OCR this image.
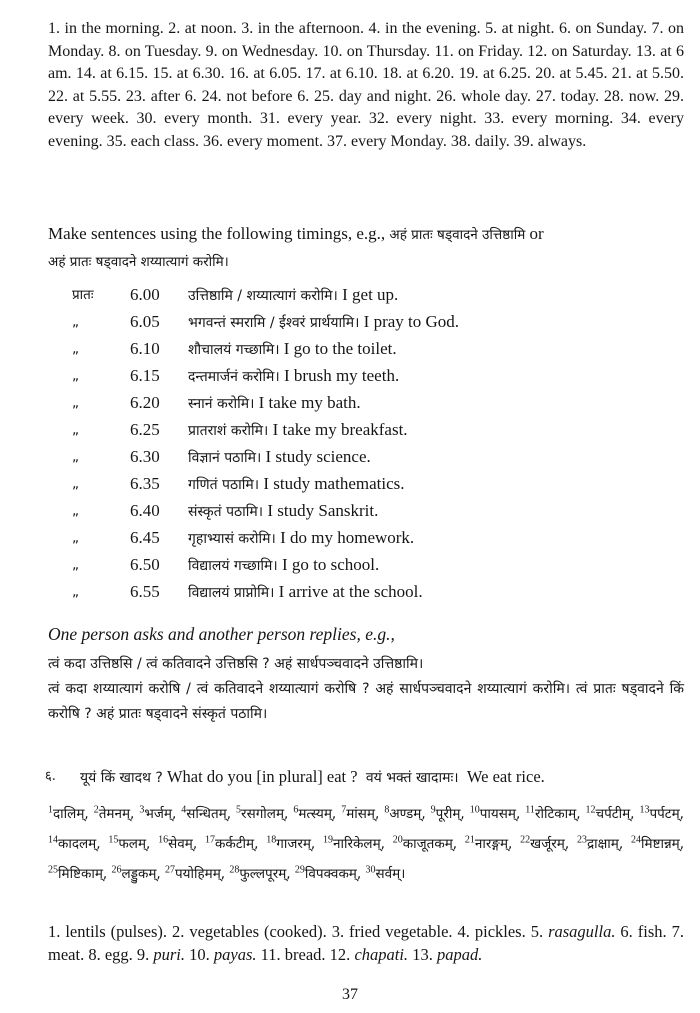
1. in the morning. 2. at noon. 3. in the afternoon. 4. in the evening. 5. at night. 6. on Sunday. 7. on Monday. 8. on Tuesday. 9. on Wednesday. 10. on Thursday. 11. on Friday. 12. on Saturday. 13. at 6 am. 14. at 6.15. 15. at 6.30. 16. at 6.05. 17. at 6.10. 18. at 6.20. 19. at 6.25. 20. at 5.45. 21. at 5.50. 22. at 5.55. 23. after 6. 24. not before 6. 25. day and night. 26. whole day. 27. today. 28. now. 29. every week. 30. every month. 31. every year. 32. every night. 33. every morning. 34. every evening. 35. each class. 36. every moment. 37. every Monday. 38. daily. 39. always.

Make sentences using the following timings, e.g., अहं प्रातः षड्वादने उत्तिष्ठामि or
अहं प्रातः षड्वादने शय्यात्यागं करोमि।

प्रातः 6.00 उत्तिष्ठामि / शय्यात्यागं करोमि। I get up.
„	6.05 भगवन्तं स्मरामि / ईश्वरं प्रार्थयामि। I pray to God.
„	6.10 शौचालयं गच्छामि। I go to the toilet.
„	6.15 दन्तमार्जनं करोमि। I brush my teeth.
„	6.20 स्नानं करोमि। I take my bath.
„	6.25 प्रातराशं करोमि। I take my breakfast.
„	6.30 विज्ञानं पठामि। I study science.
„	6.35 गणितं पठामि। I study mathematics.
„	6.40 संस्कृतं पठामि। I study Sanskrit.
„	6.45 गृहाभ्यासं करोमि। I do my homework.
„	6.50 विद्यालयं गच्छामि। I go to school.
„	6.55 विद्यालयं प्राप्नोमि। I arrive at the school.

One person asks and another person replies, e.g.,

त्वं कदा उत्तिष्ठसि / त्वं कतिवादने उत्तिष्ठसि ? अहं सार्धपञ्चवादने उत्तिष्ठामि।

त्वं कदा शय्यात्यागं करोषि / त्वं कतिवादने शय्यात्यागं करोषि ? अहं सार्धपञ्चवादने शय्यात्यागं करोमि। त्वं प्रातः षड्वादने किं करोषि ? अहं प्रातः षड्वादने संस्कृतं पठामि।

६. यूयं किं खादथ ? What do you [in plural] eat ? वयं भक्तं खादामः। We eat rice.

$^1$दालिम्, $^2$तेमनम्, $^3$भर्जम्, $^4$सन्धितम्, $^5$रसगोलम्, $^6$मत्स्यम्, $^7$मांसम्, $^8$अण्डम्, $^9$पूरीम्, $^{10}$पायसम्, $^{11}$रोटिकाम्, $^{12}$चर्पटीम्, $^{13}$पर्पटम्, $^{14}$कादलम्, $^{15}$फलम्, $^{16}$सेवम्, $^{17}$कर्कटीम्, $^{18}$गाजरम्, $^{19}$नारिकेलम्, $^{20}$काजूतकम्, $^{21}$नारङ्गम्, $^{22}$खर्जूरम्, $^{23}$द्राक्षाम्, $^{24}$मिष्टान्नम्, $^{25}$मिष्टिकाम्, $^{26}$लड्डुकम्, $^{27}$पयोहिमम्, $^{28}$फुल्लपूरम्, $^{29}$विपक्वकम्, $^{30}$सर्वम्।

1. lentils (pulses). 2. vegetables (cooked). 3. fried vegetable. 4. pickles. 5. rasagulla. 6. fish. 7. meat. 8. egg. 9. puri. 10. payas. 11. bread. 12. chapati. 13. papad.

37
